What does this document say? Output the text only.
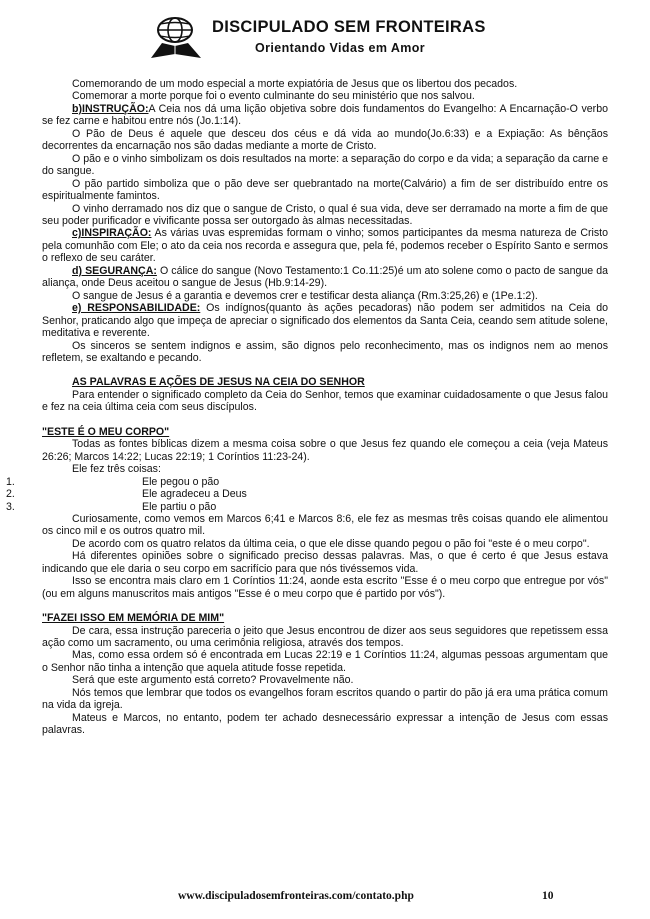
DISCIPULADO SEM FRONTEIRAS
Orientando Vidas em Amor

Comemorando de um modo especial a morte expiatória de Jesus que os libertou dos pecados.

Comemorar a morte porque foi o evento culminante do seu ministério que nos salvou.

b)INSTRUÇÃO:A Ceia nos dá uma lição objetiva sobre dois fundamentos do Evangelho: A Encarnação-O verbo se fez carne e habitou entre nós (Jo.1:14).

O Pão de Deus é aquele que desceu dos céus e dá vida ao mundo(Jo.6:33) e a Expiação: As bênçãos decorrentes da encarnação nos são dadas mediante a morte de Cristo.

O pão e o vinho simbolizam os dois resultados na morte: a separação do corpo e da vida; a separação da carne e do sangue.

O pão partido simboliza que o pão deve ser quebrantado na morte(Calvário) a fim de ser distribuído entre os espiritualmente famintos.

O vinho derramado nos diz que o sangue de Cristo, o qual é sua vida, deve ser derramado na morte a fim de que seu poder purificador e vivificante possa ser outorgado às almas necessitadas.

c)INSPIRAÇÃO: As várias uvas espremidas formam o vinho; somos participantes da mesma natureza de Cristo pela comunhão com Ele; o ato da ceia nos recorda e assegura que, pela fé, podemos receber o Espírito Santo e sermos o reflexo de seu caráter.

d) SEGURANÇA: O cálice do sangue (Novo Testamento:1 Co.11:25)é um ato solene como o pacto de sangue da aliança, onde Deus aceitou o sangue de Jesus (Hb.9:14-29).

O sangue de Jesus é a garantia e devemos crer e testificar desta aliança (Rm.3:25,26) e (1Pe.1:2).

e) RESPONSABILIDADE: Os indígnos(quanto às ações pecadoras) não podem ser admitidos na Ceia do Senhor, praticando algo que impeça de apreciar o significado dos elementos da Santa Ceia, ceando sem atitude solene, meditativa e reverente.

Os sinceros se sentem indignos e assim, são dignos pelo reconhecimento, mas os indignos nem ao menos refletem, se exaltando e pecando.

AS PALAVRAS E AÇÕES DE JESUS NA CEIA DO SENHOR

Para entender o significado completo da Ceia do Senhor, temos que examinar cuidadosamente o que Jesus falou e fez na ceia última ceia com seus discípulos.

"ESTE É O MEU CORPO"

Todas as fontes bíblicas dizem a mesma coisa sobre o que Jesus fez quando ele começou a ceia (veja Mateus 26:26; Marcos 14:22; Lucas 22:19; 1 Coríntios 11:23-24).

Ele fez três coisas:

1.	Ele pegou o pão
2.	Ele agradeceu a Deus
3.	Ele partiu o pão

Curiosamente, como vemos em Marcos 6;41 e Marcos 8:6, ele fez as mesmas três coisas quando ele alimentou os cinco mil e os outros quatro mil.

De acordo com os quatro relatos da última ceia, o que ele disse quando pegou o pão foi "este é o meu corpo".

Há diferentes opiniões sobre o significado preciso dessas palavras. Mas, o que é certo é que Jesus estava indicando que ele daria o seu corpo em sacrifício para que nós tivéssemos vida.

Isso se encontra mais claro em 1 Coríntios 11:24, aonde esta escrito "Esse é o meu corpo que entregue por vós" (ou em alguns manuscritos mais antigos "Esse é o meu corpo que é partido por vós").

"FAZEI ISSO EM MEMÓRIA DE MIM"

De cara, essa instrução pareceria o jeito que Jesus encontrou de dizer aos seus seguidores que repetissem essa ação como um sacramento, ou uma cerimônia religiosa, através dos tempos.

Mas, como essa ordem só é encontrada em Lucas 22:19 e 1 Coríntios 11:24, algumas pessoas argumentam que o Senhor não tinha a intenção que aquela atitude fosse repetida.

Será que este argumento está correto? Provavelmente não.

Nós temos que lembrar que todos os evangelhos foram escritos quando o partir do pão já era uma prática comum na vida da igreja.

Mateus e Marcos, no entanto, podem ter achado desnecessário expressar a intenção de Jesus com essas palavras.

www.discipuladosemfronteiras.com/contato.php	10
